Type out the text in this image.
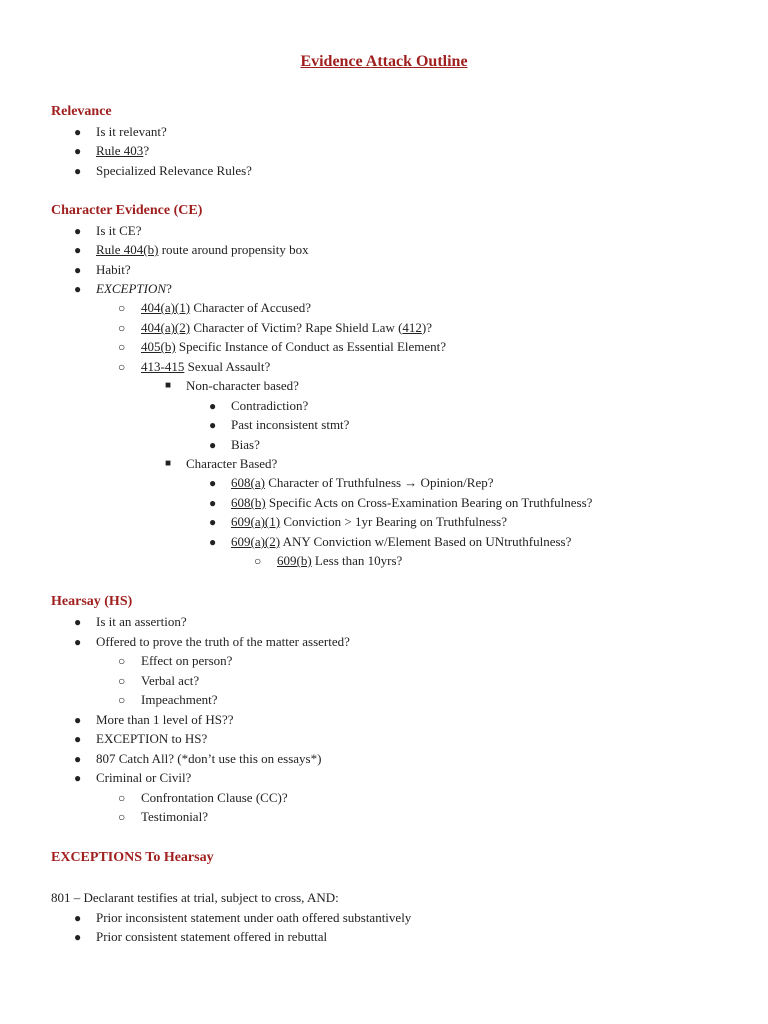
Evidence Attack Outline
Relevance
● Is it relevant?
● Rule 403?
● Specialized Relevance Rules?
Character Evidence (CE)
● Is it CE?
● Rule 404(b) route around propensity box
● Habit?
● EXCEPTION?
○ 404(a)(1) Character of Accused?
○ 404(a)(2) Character of Victim? Rape Shield Law (412)?
○ 405(b) Specific Instance of Conduct as Essential Element?
○ 413-415 Sexual Assault?
■ Non-character based?
● Contradiction?
● Past inconsistent stmt?
● Bias?
■ Character Based?
● 608(a) Character of Truthfulness → Opinion/Rep?
● 608(b) Specific Acts on Cross-Examination Bearing on Truthfulness?
● 609(a)(1) Conviction > 1yr Bearing on Truthfulness?
● 609(a)(2) ANY Conviction w/Element Based on UNtruthfulness?
○ 609(b) Less than 10yrs?
Hearsay (HS)
● Is it an assertion?
● Offered to prove the truth of the matter asserted?
○ Effect on person?
○ Verbal act?
○ Impeachment?
● More than 1 level of HS??
● EXCEPTION to HS?
● 807 Catch All? (*don’t use this on essays*)
● Criminal or Civil?
○ Confrontation Clause (CC)?
○ Testimonial?
EXCEPTIONS To Hearsay
801 – Declarant testifies at trial, subject to cross, AND:
● Prior inconsistent statement under oath offered substantively
● Prior consistent statement offered in rebuttal
